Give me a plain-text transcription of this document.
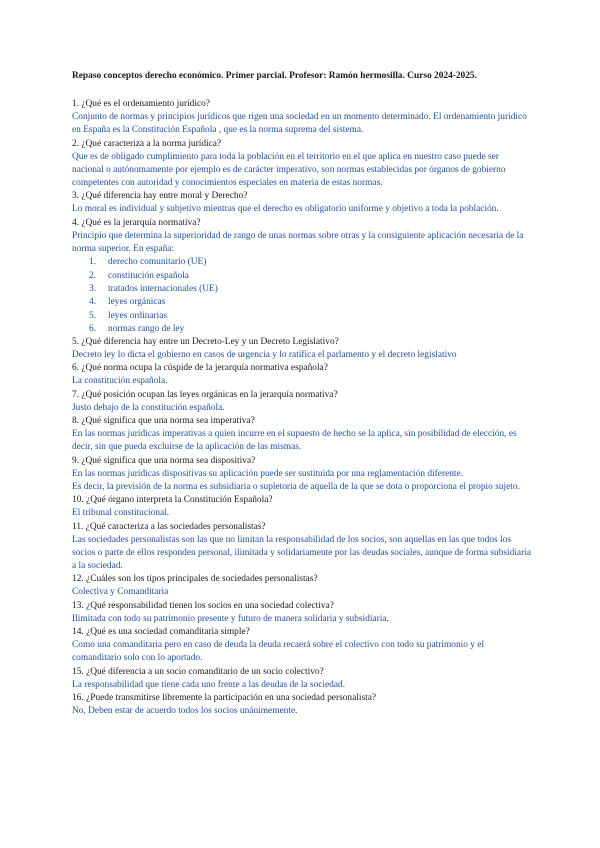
Repaso conceptos derecho económico. Primer parcial. Profesor: Ramón hermosilla. Curso 2024-2025.

1. ¿Qué es el ordenamiento jurídico?

Conjunto de normas y principios jurídicos que rigen una sociedad en un momento determinado. El ordenamiento jurídico en España es la Constitución Española , que es la norma suprema del sistema.

2. ¿Qué caracteriza a la norma jurídica?

Que es de obligado cumplimiento para toda la población en el territorio en el que aplica en nuestro caso puede ser nacional o autónomamente por ejemplo es de carácter imperativo, son normas establecidas por órganos de gobierno competentes con autoridad y conocimientos especiales en materia de estas normas.

3. ¿Qué diferencia hay entre moral y Derecho?

Lo moral es individual y subjetivo mientras que el derecho es obligatorio uniforme y objetivo a toda la población.

4. ¿Qué es la jerarquía normativa?

Principio que determina la superioridad de rango de unas normas sobre otras y la consiguiente aplicación necesaria de la norma superior. En españa:

1. derecho comunitario (UE)
2. constitución española
3. tratados internacionales (UE)
4. leyes orgánicas
5. leyes ordinarias
6. normas rango de ley

5. ¿Qué diferencia hay entre un Decreto-Ley y un Decreto Legislativo?

Decreto ley lo dicta el gobierno en casos de urgencia y lo ratifica el parlamento y el decreto legislativo

6. ¿Qué norma ocupa la cúspide de la jerarquía normativa española?

La constitución española.

7. ¿Qué posición ocupan las leyes orgánicas en la jerarquía normativa?

Justo debajo de la constitución española.

8. ¿Qué significa que una norma sea imperativa?

En las normas jurídicas imperativas a quien incurre en el supuesto de hecho se la aplica, sin posibilidad de elección, es decir, sin que pueda excluirse de la aplicación de las mismas.

9. ¿Qué significa que una norma sea dispositiva?

En las normas jurídicas dispositivas su aplicación puede ser sustituida por una reglamentación diferente.

Es decir, la previsión de la norma es subsidiaria o supletoria de aquella de la que se dota o proporciona el propio sujeto.

10. ¿Qué órgano interpreta la Constitución Española?

El tribunal constitucional.

11. ¿Qué caracteriza a las sociedades personalistas?

Las sociedades personalistas son las que no limitan la responsabilidad de los socios, son aquellas en las que todos los socios o parte de ellos responden personal, ilimitada y solidariamente por las deudas sociales, aunque de forma subsidiaria a la sociedad.

12. ¿Cuáles son los tipos principales de sociedades personalistas?

Colectiva y Comanditaria

13. ¿Qué responsabilidad tienen los socios en una sociedad colectiva?

Ilimitada con todo su patrimonio presente y futuro de manera solidaria y subsidiaria.

14. ¿Qué es una sociedad comanditaria simple?

Como una comanditaria pero en caso de deuda la deuda recaerá sobre el colectivo con todo su patrimonio y el comanditario solo con lo aportado.

15. ¿Qué diferencia a un socio comanditario de un socio colectivo?

La responsabilidad que tiene cada uno frente a las deudas de la sociedad.

16. ¿Puede transmitirse libremente la participación en una sociedad personalista?

No, Deben estar de acuerdo todos los socios unánimemente.
